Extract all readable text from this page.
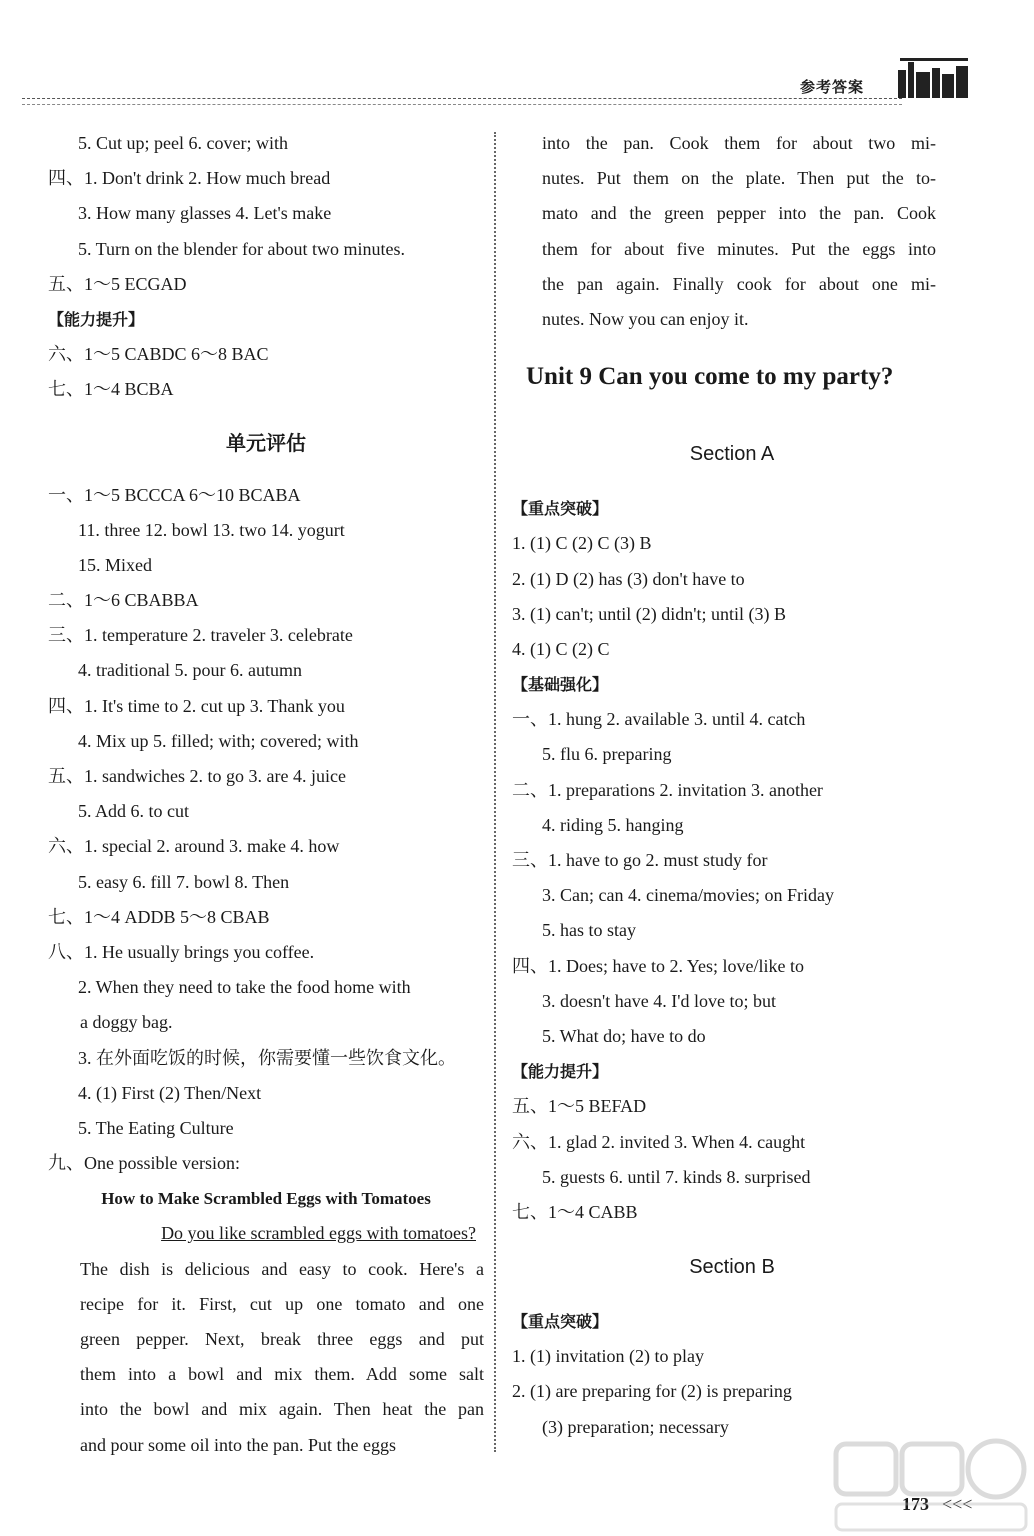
参考答案
5. Cut up; peel 6. cover; with
四、1. Don't drink 2. How much bread
3. How many glasses 4. Let's make
5. Turn on the blender for about two minutes.
五、1～5 ECGAD
【能力提升】
六、1～5 CABDC 6～8 BAC
七、1～4 BCBA
单元评估
一、1～5 BCCCA 6～10 BCABA
11. three 12. bowl 13. two 14. yogurt
15. Mixed
二、1～6 CBABBA
三、1. temperature 2. traveler 3. celebrate
4. traditional 5. pour 6. autumn
四、1. It's time to 2. cut up 3. Thank you
4. Mix up 5. filled; with; covered; with
五、1. sandwiches 2. to go 3. are 4. juice
5. Add 6. to cut
六、1. special 2. around 3. make 4. how
5. easy 6. fill 7. bowl 8. Then
七、1～4 ADDB 5～8 CBAB
八、1. He usually brings you coffee.
2. When they need to take the food home with
a doggy bag.
3. 在外面吃饭的时候，你需要懂一些饮食文化。
4. (1) First (2) Then/Next
5. The Eating Culture
九、One possible version:
How to Make Scrambled Eggs with Tomatoes
Do you like scrambled eggs with tomatoes?
The dish is delicious and easy to cook. Here's a
recipe for it. First, cut up one tomato and one
green pepper. Next, break three eggs and put
them into a bowl and mix them. Add some salt
into the bowl and mix again. Then heat the pan
and pour some oil into the pan. Put the eggs
into the pan. Cook them for about two mi-
nutes. Put them on the plate. Then put the to-
mato and the green pepper into the pan. Cook
them for about five minutes. Put the eggs into
the pan again. Finally cook for about one mi-
nutes. Now you can enjoy it.
Unit 9 Can you come to my party?
Section A
【重点突破】
1. (1) C (2) C (3) B
2. (1) D (2) has (3) don't have to
3. (1) can't; until (2) didn't; until (3) B
4. (1) C (2) C
【基础强化】
一、1. hung 2. available 3. until 4. catch
5. flu 6. preparing
二、1. preparations 2. invitation 3. another
4. riding 5. hanging
三、1. have to go 2. must study for
3. Can; can 4. cinema/movies; on Friday
5. has to stay
四、1. Does; have to 2. Yes; love/like to
3. doesn't have 4. I'd love to; but
5. What do; have to do
【能力提升】
五、1～5 BEFAD
六、1. glad 2. invited 3. When 4. caught
5. guests 6. until 7. kinds 8. surprised
七、1～4 CABB
Section B
【重点突破】
1. (1) invitation (2) to play
2. (1) are preparing for (2) is preparing
(3) preparation; necessary
173 <<<
